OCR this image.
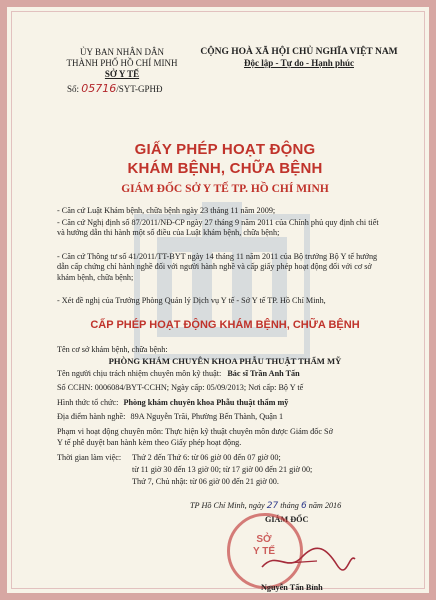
ỦY BAN NHÂN DÂN
THÀNH PHỐ HỒ CHÍ MINH
SỞ Y TẾ
CỘNG HOÀ XÃ HỘI CHỦ NGHĨA VIỆT NAM
Độc lập - Tự do - Hạnh phúc
Số: 05716/SYT-GPHĐ
GIẤY PHÉP HOẠT ĐỘNG
KHÁM BỆNH, CHỮA BỆNH
GIÁM ĐỐC SỞ Y TẾ TP. HỒ CHÍ MINH
- Căn cứ Luật Khám bệnh, chữa bệnh ngày 23 tháng 11 năm 2009;
- Căn cứ Nghị định số 87/2011/NĐ-CP ngày 27 tháng 9 năm 2011 của Chính phủ quy định chi tiết và hướng dẫn thi hành một số điều của Luật khám bệnh, chữa bệnh;
- Căn cứ Thông tư số 41/2011/TT-BYT ngày 14 tháng 11 năm 2011 của Bộ trưởng Bộ Y tế hướng dẫn cấp chứng chỉ hành nghề đối với người hành nghề và cấp giấy phép hoạt động đối với cơ sở khám bệnh, chữa bệnh;
- Xét đề nghị của Trưởng Phòng Quản lý Dịch vụ Y tế - Sở Y tế TP. Hồ Chí Minh,
CẤP PHÉP HOẠT ĐỘNG KHÁM BỆNH, CHỮA BỆNH
Tên cơ sở khám bệnh, chữa bệnh:
PHÒNG KHÁM CHUYÊN KHOA PHẪU THUẬT THẨM MỸ
Tên người chịu trách nhiệm chuyên môn kỹ thuật: Bác sĩ Trần Anh Tấn
Số CCHN: 0006084/BYT-CCHN; Ngày cấp: 05/09/2013; Nơi cấp: Bộ Y tế
Hình thức tổ chức: Phòng khám chuyên khoa Phẫu thuật thẩm mỹ
Địa điểm hành nghề: 89A Nguyễn Trãi, Phường Bến Thành, Quận 1
Phạm vi hoạt động chuyên môn: Thực hiện kỹ thuật chuyên môn được Giám đốc Sở
Y tế phê duyệt ban hành kèm theo Giấy phép hoạt động.
Thời gian làm việc: Thứ 2 đến Thứ 6: từ 06 giờ 00 đến 07 giờ 00;
từ 11 giờ 30 đến 13 giờ 00; từ 17 giờ 00 đến 21 giờ 00;
Thứ 7, Chủ nhật: từ 06 giờ 00 đến 21 giờ 00.
TP Hồ Chí Minh, ngày 27 tháng 6 năm 2016
GIÁM ĐỐC
SỞ
Y TẾ
Nguyễn Tấn Bỉnh
